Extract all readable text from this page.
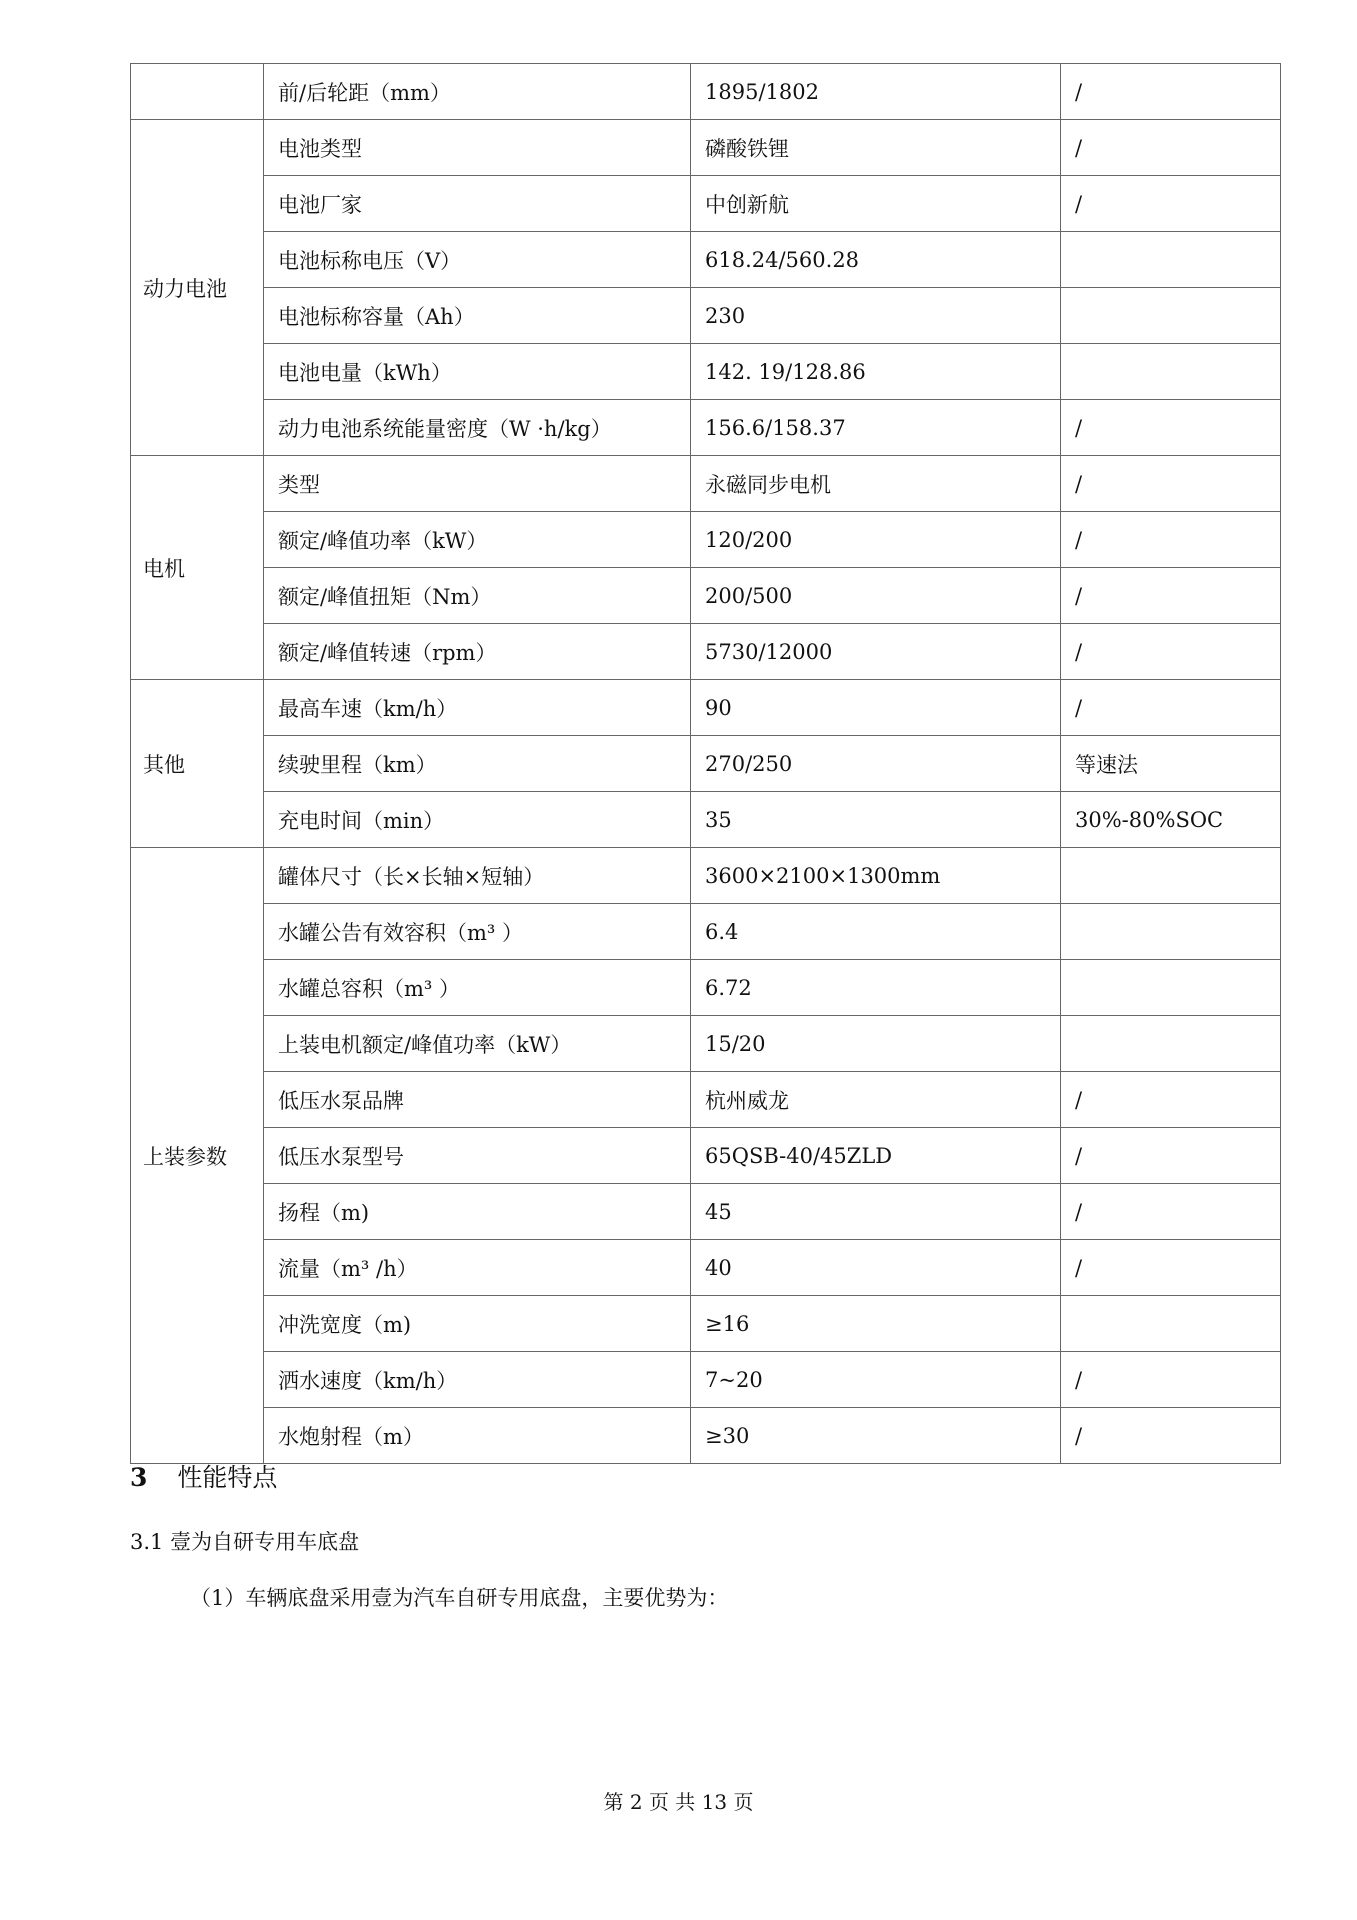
	前/后轮距（mm）	1895/1802	/
动力电池	电池类型	磷酸铁锂	/
	电池厂家	中创新航	/
	电池标称电压（V）	618.24/560.28	
	电池标称容量（Ah）	230	
	电池电量（kWh）	142. 19/128.86	
	动力电池系统能量密度（W ·h/kg）	156.6/158.37	/
电机	类型	永磁同步电机	/
	额定/峰值功率（kW）	120/200	/
	额定/峰值扭矩（Nm）	200/500	/
	额定/峰值转速（rpm）	5730/12000	/
其他	最高车速（km/h）	90	/
	续驶里程（km）	270/250	等速法
	充电时间（min）	35	30%-80%SOC
上装参数	罐体尺寸（长×长轴×短轴）	3600×2100×1300mm	
	水罐公告有效容积（m³ ）	6.4	
	水罐总容积（m³ ）	6.72	
	上装电机额定/峰值功率（kW）	15/20	
	低压水泵品牌	杭州威龙	/
	低压水泵型号	65QSB-40/45ZLD	/
	扬程（m)	45	/
	流量（m³ /h）	40	/
	冲洗宽度（m)	≥16	
	洒水速度（km/h）	7~20	/
	水炮射程（m）	≥30	/
3 性能特点
3.1 壹为自研专用车底盘
（1）车辆底盘采用壹为汽车自研专用底盘，主要优势为：
第 2 页 共 13 页
